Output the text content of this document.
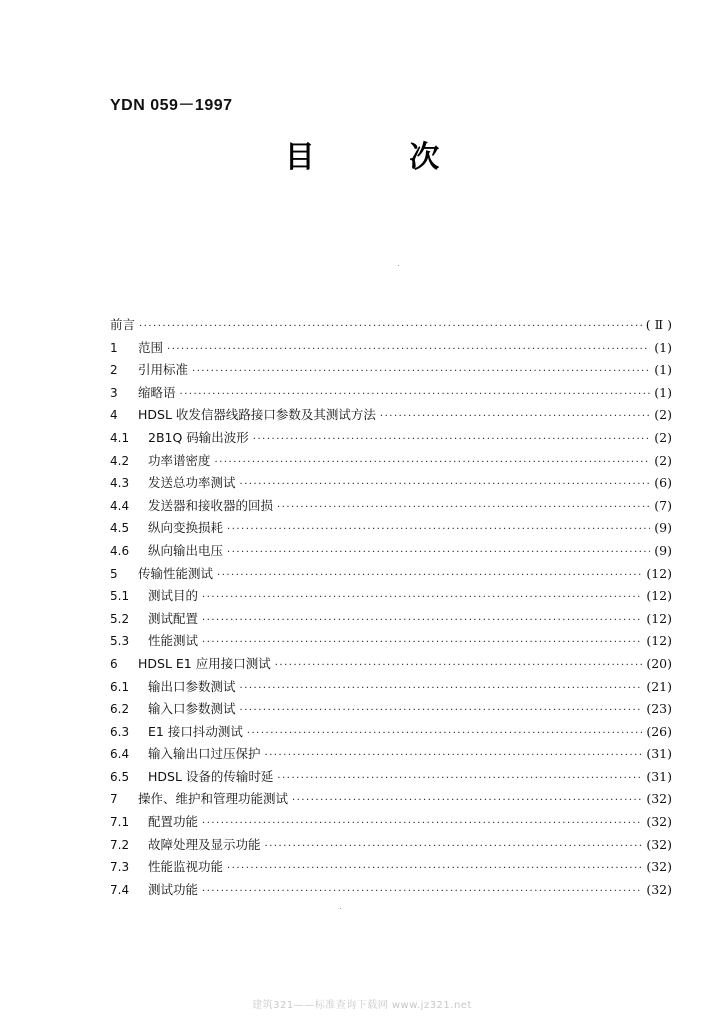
YDN 059－1997
目 次
前言 ·····	( Ⅱ )
1	范围 ·····	(1)
2	引用标准 ·····	(1)
3	缩略语 ·····	(1)
4	HDSL 收发信器线路接口参数及其测试方法 ·····	(2)
4.1	2B1Q 码输出波形 ·····	(2)
4.2	功率谱密度 ·····	(2)
4.3	发送总功率测试 ·····	(6)
4.4	发送器和接收器的回损 ·····	(7)
4.5	纵向变换损耗 ·····	(9)
4.6	纵向输出电压 ·····	(9)
5	传输性能测试 ·····	(12)
5.1	测试目的 ·····	(12)
5.2	测试配置 ·····	(12)
5.3	性能测试 ·····	(12)
6	HDSL E1 应用接口测试 ·····	(20)
6.1	输出口参数测试 ·····	(21)
6.2	输入口参数测试 ·····	(23)
6.3	E1 接口抖动测试 ·····	(26)
6.4	输入输出口过压保护 ·····	(31)
6.5	HDSL 设备的传输时延 ·····	(31)
7	操作、维护和管理功能测试 ·····	(32)
7.1	配置功能 ·····	(32)
7.2	故障处理及显示功能 ·····	(32)
7.3	性能监视功能 ·····	(32)
7.4	测试功能 ·····	(32)
建筑321——标准查询下载网 www.jz321.net
